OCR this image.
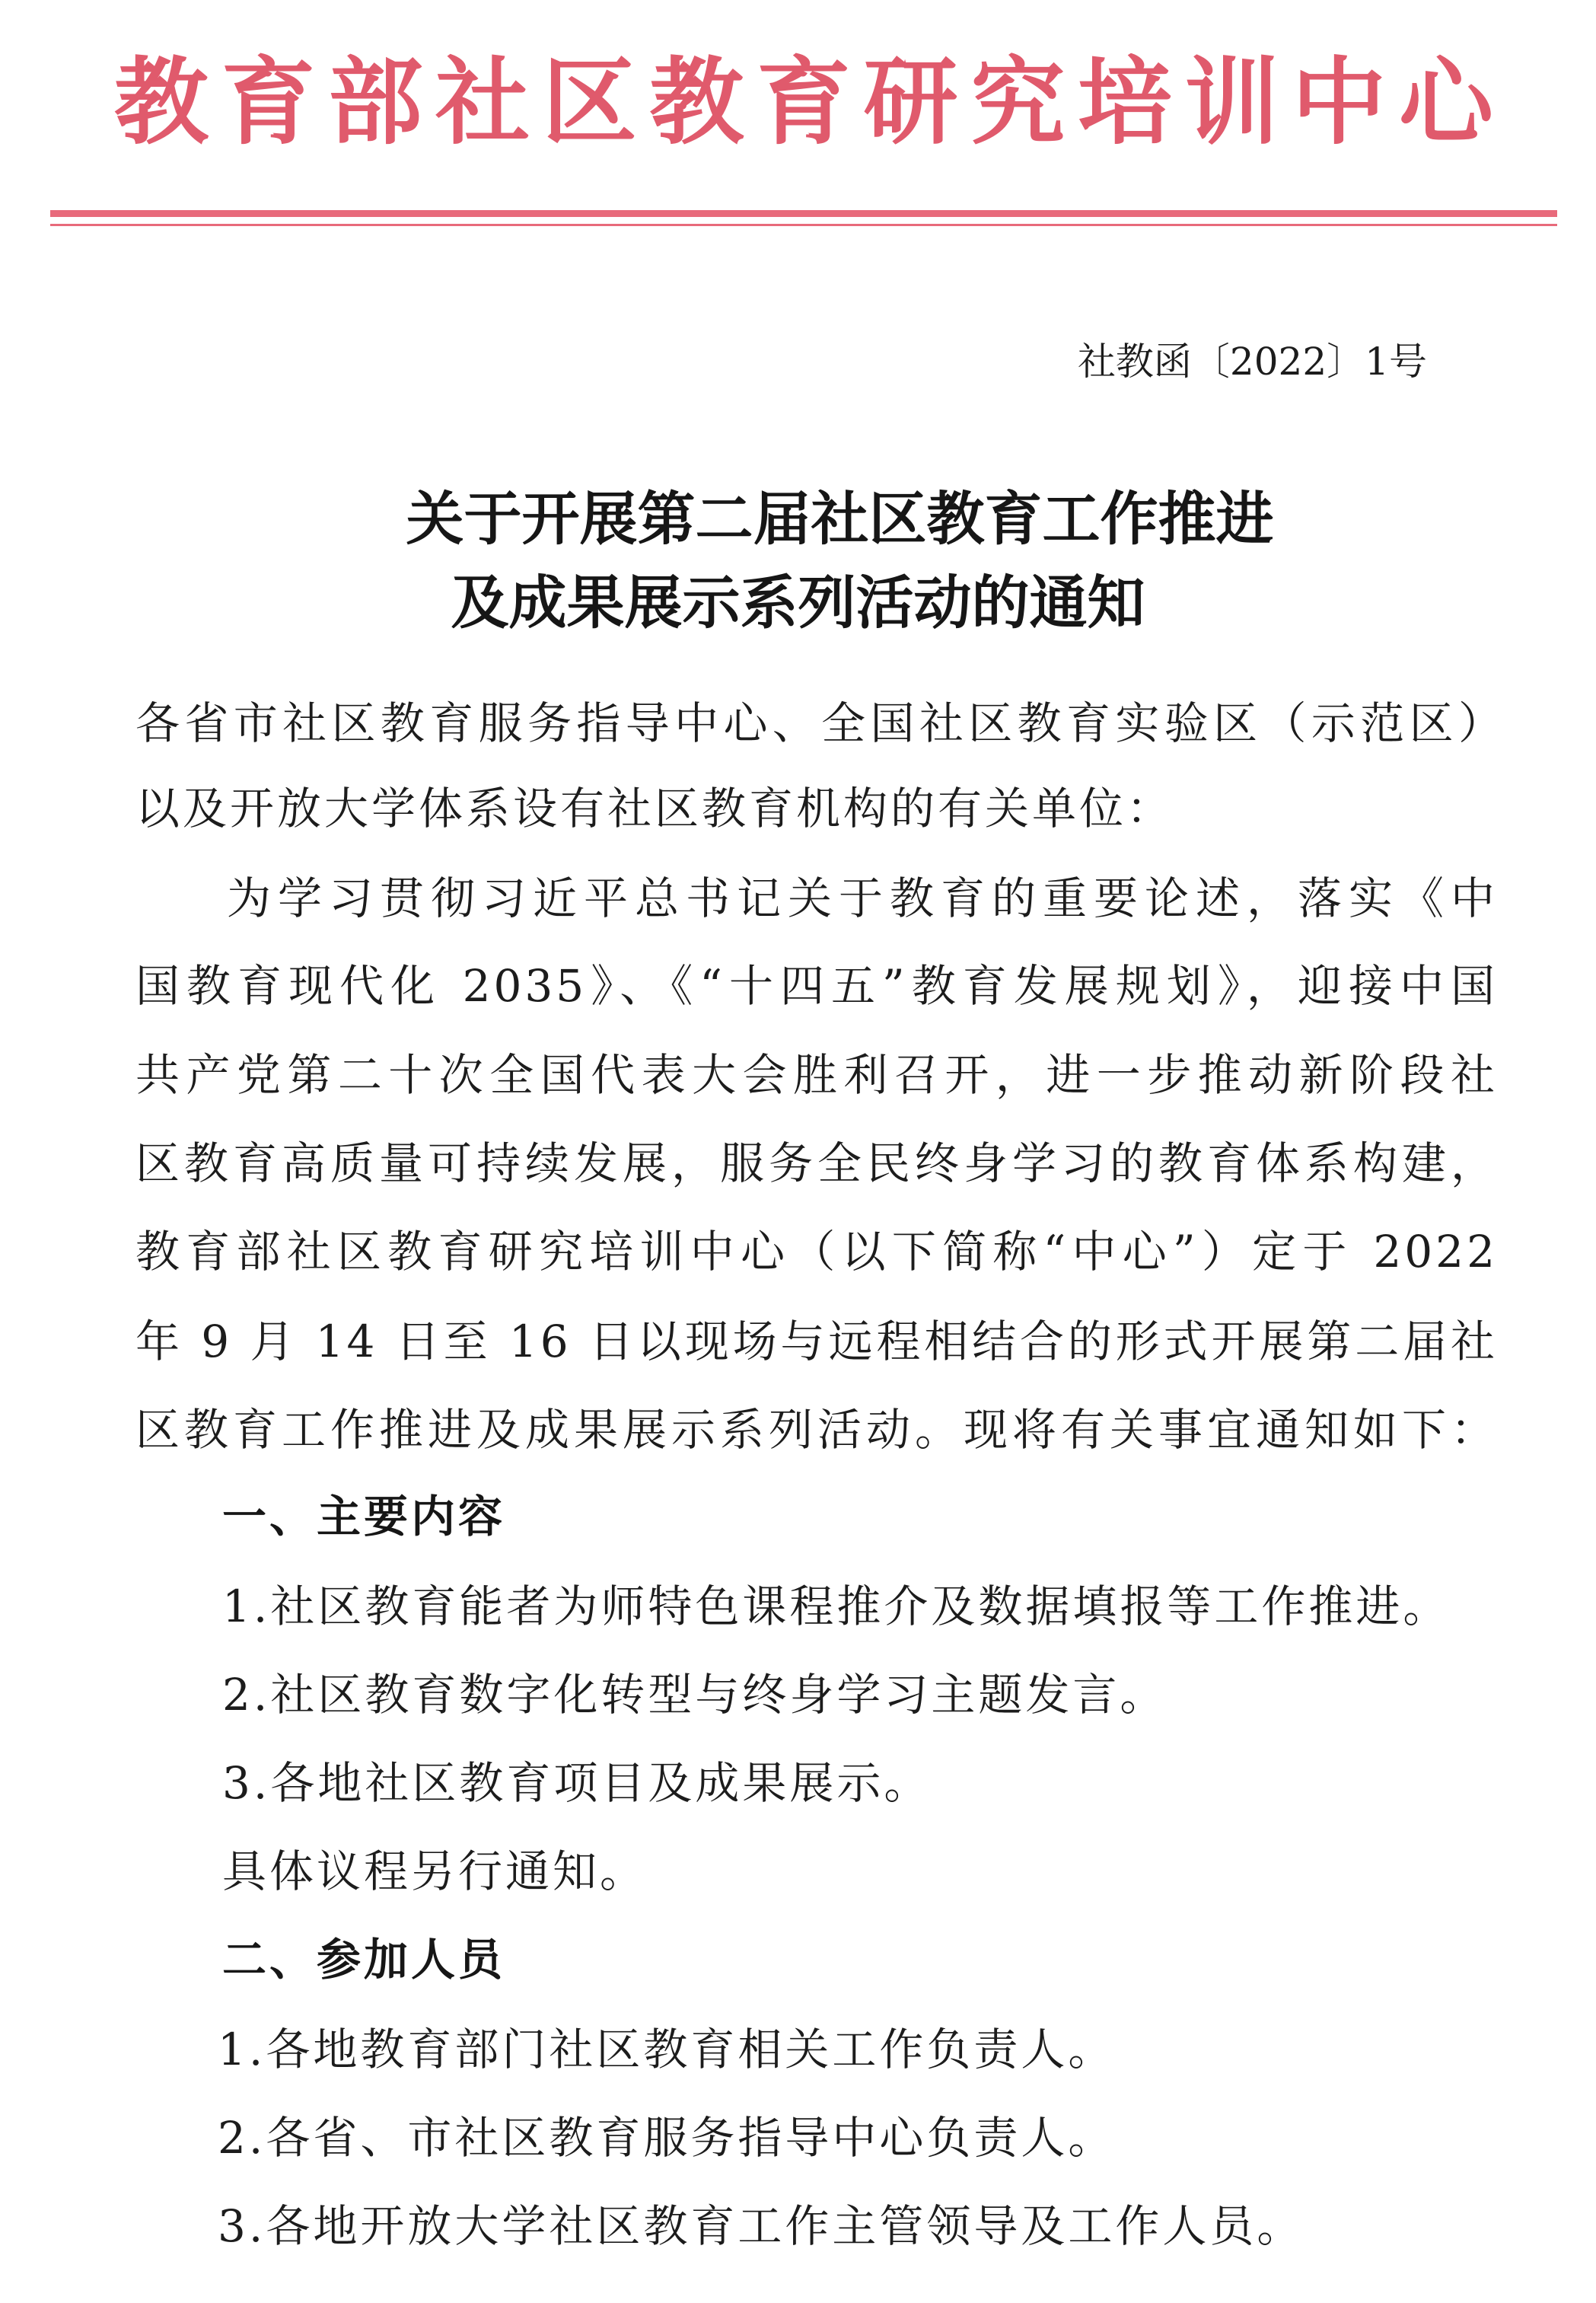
教育部社区教育研究培训中心
社教函〔2022〕1号
关于开展第二届社区教育工作推进
及成果展示系列活动的通知
各省市社区教育服务指导中心、全国社区教育实验区（示范区）
以及开放大学体系设有社区教育机构的有关单位：
为学习贯彻习近平总书记关于教育的重要论述，落实《中
国教育现代化 2035》、《“十四五”教育发展规划》，迎接中国
共产党第二十次全国代表大会胜利召开，进一步推动新阶段社
区教育高质量可持续发展，服务全民终身学习的教育体系构建，
教育部社区教育研究培训中心（以下简称“中心”）定于 2022
年 9 月 14 日至 16 日以现场与远程相结合的形式开展第二届社
区教育工作推进及成果展示系列活动。现将有关事宜通知如下：
一、主要内容
1.社区教育能者为师特色课程推介及数据填报等工作推进。
2.社区教育数字化转型与终身学习主题发言。
3.各地社区教育项目及成果展示。
具体议程另行通知。
二、参加人员
1.各地教育部门社区教育相关工作负责人。
2.各省、市社区教育服务指导中心负责人。
3.各地开放大学社区教育工作主管领导及工作人员。
